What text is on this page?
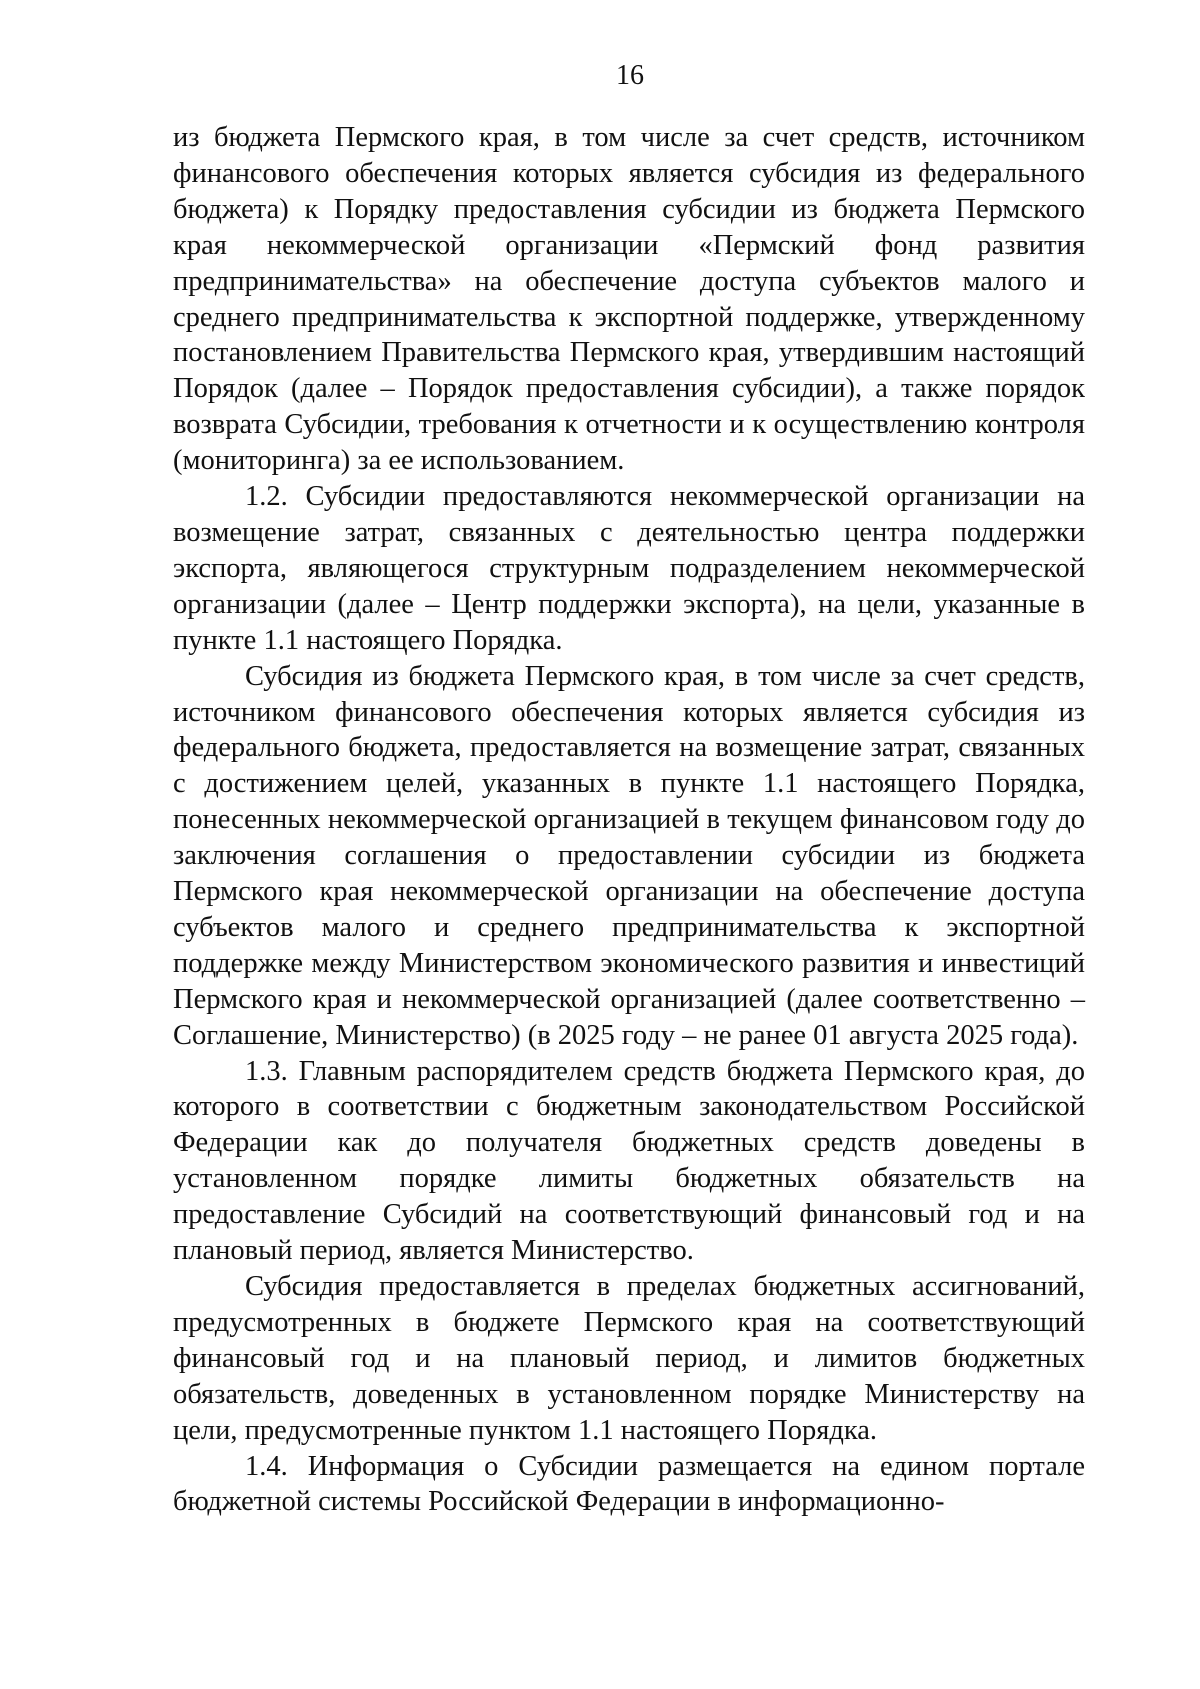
16

из бюджета Пермского края, в том числе за счет средств, источником финансового обеспечения которых является субсидия из федерального бюджета) к Порядку предоставления субсидии из бюджета Пермского края некоммерческой организации «Пермский фонд развития предпринимательства» на обеспечение доступа субъектов малого и среднего предпринимательства к экспортной поддержке, утвержденному постановлением Правительства Пермского края, утвердившим настоящий Порядок (далее – Порядок предоставления субсидии), а также порядок возврата Субсидии, требования к отчетности и к осуществлению контроля (мониторинга) за ее использованием.

1.2. Субсидии предоставляются некоммерческой организации на возмещение затрат, связанных с деятельностью центра поддержки экспорта, являющегося структурным подразделением некоммерческой организации (далее – Центр поддержки экспорта), на цели, указанные в пункте 1.1 настоящего Порядка.

Субсидия из бюджета Пермского края, в том числе за счет средств, источником финансового обеспечения которых является субсидия из федерального бюджета, предоставляется на возмещение затрат, связанных с достижением целей, указанных в пункте 1.1 настоящего Порядка, понесенных некоммерческой организацией в текущем финансовом году до заключения соглашения о предоставлении субсидии из бюджета Пермского края некоммерческой организации на обеспечение доступа субъектов малого и среднего предпринимательства к экспортной поддержке между Министерством экономического развития и инвестиций Пермского края и некоммерческой организацией (далее соответственно – Соглашение, Министерство) (в 2025 году – не ранее 01 августа 2025 года).

1.3. Главным распорядителем средств бюджета Пермского края, до которого в соответствии с бюджетным законодательством Российской Федерации как до получателя бюджетных средств доведены в установленном порядке лимиты бюджетных обязательств на предоставление Субсидий на соответствующий финансовый год и на плановый период, является Министерство.

Субсидия предоставляется в пределах бюджетных ассигнований, предусмотренных в бюджете Пермского края на соответствующий финансовый год и на плановый период, и лимитов бюджетных обязательств, доведенных в установленном порядке Министерству на цели, предусмотренные пунктом 1.1 настоящего Порядка.

1.4. Информация о Субсидии размещается на едином портале бюджетной системы Российской Федерации в информационно-
